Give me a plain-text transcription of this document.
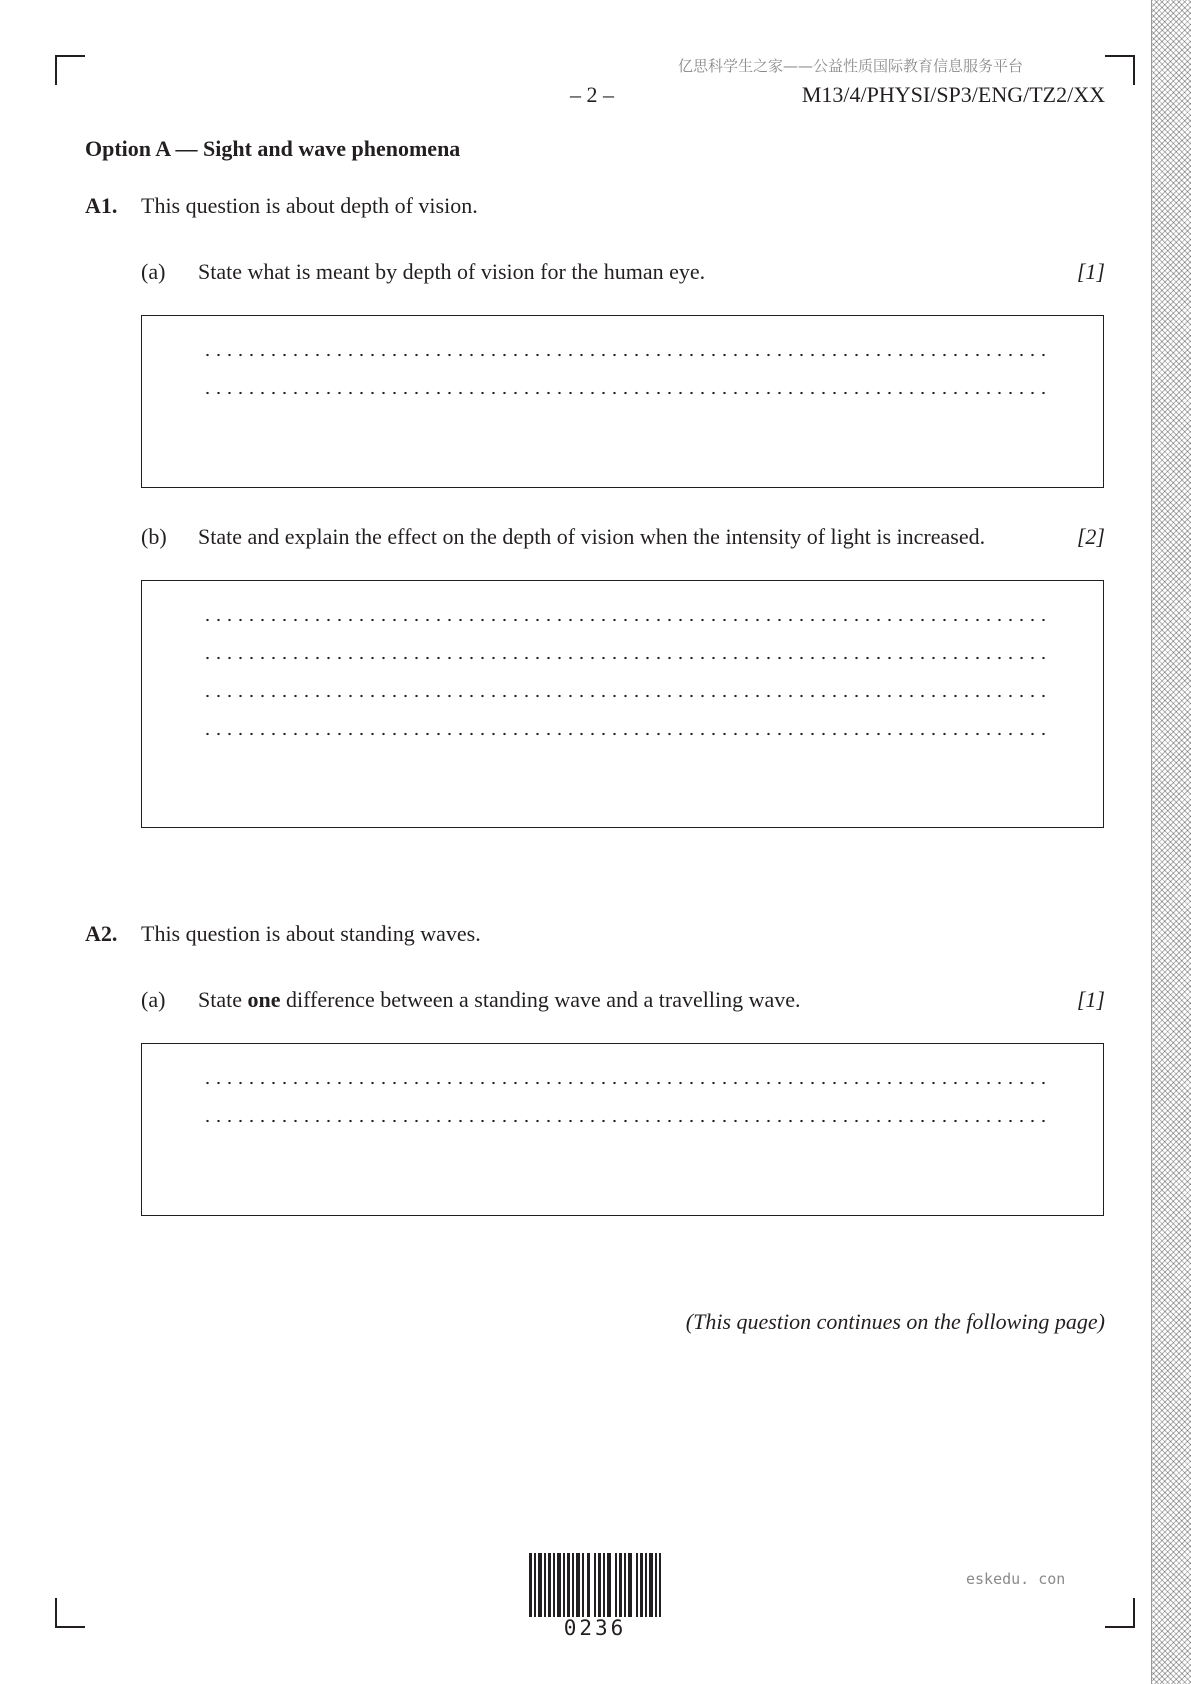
亿思科学生之家——公益性质国际教育信息服务平台
– 2 –	M13/4/PHYSI/SP3/ENG/TZ2/XX
Option A — Sight and wave phenomena
A1. This question is about depth of vision.
(a) State what is meant by depth of vision for the human eye.	[1]
(b) State and explain the effect on the depth of vision when the intensity of light is increased.	[2]
A2. This question is about standing waves.
(a) State one difference between a standing wave and a travelling wave.	[1]
(This question continues on the following page)
0236
eskedu. con
